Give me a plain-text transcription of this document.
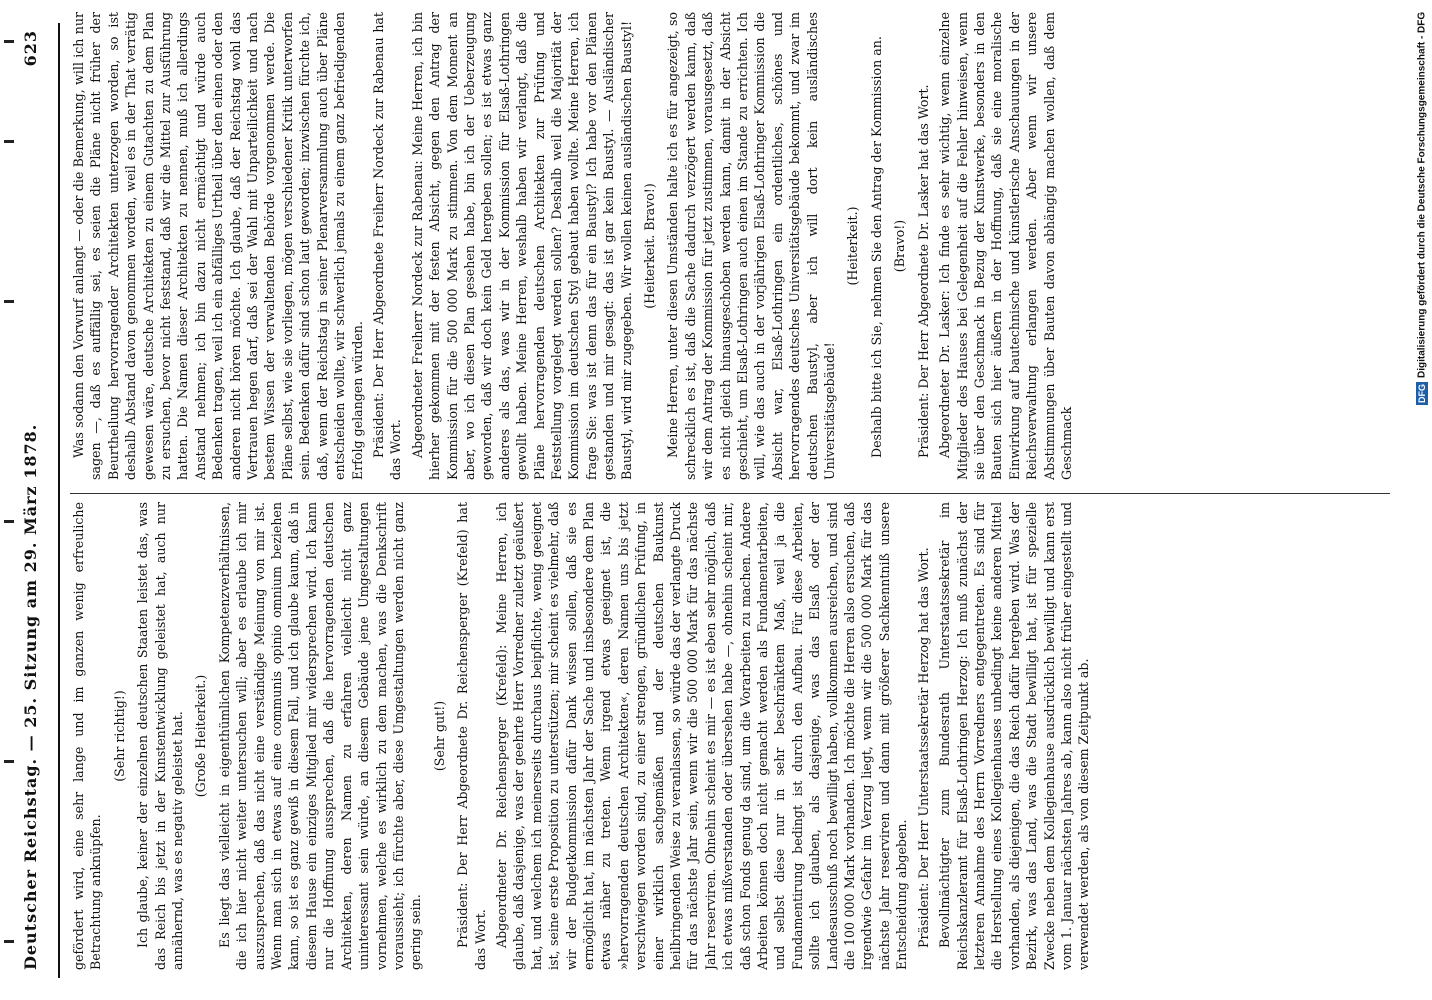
Deutscher Reichstag. — 25. Sitzung am 29. März 1878.
623

gefördert wird, eine sehr lange und im ganzen wenig erfreuliche Betrachtung anknüpfen.

(Sehr richtig!) Ich glaube, keiner der einzelnen deutschen Staaten leistet das, was das Reich bis jetzt in der Kunstentwicklung geleistet hat, auch nur annähernd, was es negativ geleistet hat. (Große Heiterkeit.) Es liegt das vielleicht in eigenthümlichen Kompetenzverhältnissen, die ich hier nicht weiter untersuchen will; aber es erlaube ich mir auszusprechen, daß das nicht eine verständige Meinung von mir ist. Wenn man sich in etwas auf eine communis opinio omnium beziehen kann, so ist es ganz gewiß in diesem Fall, und ich glaube kaum, daß in diesem Hause ein einziges Mitglied mir widersprechen wird. Ich kann nur die Hoffnung aussprechen, daß die hervorragenden deutschen Architekten, deren Namen zu erfahren vielleicht nicht ganz uninteressant sein würde, an diesem Gebäude jene Umgestaltungen vornehmen, welche es wirklich zu dem machen, was die Denkschrift voraussieht; ich fürchte aber, diese Umgestaltungen werden nicht ganz gering sein.

(Sehr gut!) Präsident: Der Herr Abgeordnete Dr. Reichensperger (Krefeld) hat das Wort. Abgeordneter Dr. Reichensperger (Krefeld): Meine Herren, ich glaube, daß dasjenige, was der geehrte Herr Vorredner zuletzt geäußert hat, und welchem ich meinerseits durchaus beipflichte, wenig geeignet ist, seine erste Proposition zu unterstützen; mir scheint es vielmehr, daß wir der Budgetkommission dafür Dank wissen sollen, daß sie es ermöglicht hat, im nächsten Jahr der Sache und insbesondere dem Plan etwas näher zu treten. Wenn irgend etwas geeignet ist, die »hervorragenden deutschen Architekten«, deren Namen uns bis jetzt verschwiegen worden sind, zu einer strengen, gründlichen Prüfung, in einer wirklich sachgemäßen und der deutschen Baukunst heilbringenden Weise zu veranlassen, so würde das der verlangte Druck für das nächste Jahr sein, wenn wir die 500 000 Mark für das nächste Jahr reserviren. Ohnehin scheint es mir — es ist eben sehr möglich, daß ich etwas mißverstanden oder übersehen habe —, ohnehin scheint mir, daß schon Fonds genug da sind, um die Vorarbeiten zu machen. Andere Arbeiten können doch nicht gemacht werden als Fundamentarbeiten, und selbst diese nur in sehr beschränktem Maß, weil ja die Fundamentirung bedingt ist durch den Aufbau. Für diese Arbeiten, sollte ich glauben, als dasjenige, was das Elsaß oder der Landesausschuß noch bewilligt haben, vollkommen ausreichen, und sind die 100 000 Mark vorhanden. Ich möchte die Herren also ersuchen, daß irgendwie Gefahr im Verzug liegt, wenn wir die 500 000 Mark für das nächste Jahr reserviren und dann mit größerer Sachkenntniß unsere Entscheidung abgeben. Präsident: Der Herr Unterstaatssekretär Herzog hat das Wort. Bevollmächtigter zum Bundesrath Unterstaatssekretär im Reichskanzleramt für Elsaß-Lothringen Herzog: Ich muß zunächst der letzteren Annahme des Herrn Vorredners entgegentreten. Es sind für die Herstellung eines Kollegienhauses unbedingt keine anderen Mittel vorhanden, als diejenigen, die das Reich dafür hergeben wird. Was der Bezirk, was das Land, was die Stadt bewilligt hat, ist für spezielle Zwecke neben dem Kollegienhause ausdrücklich bewilligt und kann erst vom 1. Januar nächsten Jahres ab, kann also nicht früher eingestellt und verwendet werden, als von diesem Zeitpunkt ab.

Was sodann den Vorwurf anlangt — oder die Bemerkung, will ich nur sagen —, daß es auffällig sei, es seien die Pläne nicht früher der Beurtheilung hervorragender Architekten unterzogen worden, so ist deshalb Abstand davon genommen worden, weil es in der That verrätig gewesen wäre, deutsche Architekten zu einem Gutachten zu dem Plan zu ersuchen, bevor nicht feststand, daß wir die Mittel zur Ausführung hatten. Die Namen dieser Architekten zu nennen, muß ich allerdings Anstand nehmen; ich bin dazu nicht ermächtigt und würde auch Bedenken tragen, weil ich ein abfälliges Urtheil über den einen oder den anderen nicht hören möchte. Ich glaube, daß der Reichstag wohl das Vertrauen hegen darf, daß sei der Wahl mit Unparteilichkeit und nach bestem Wissen der verwaltenden Behörde vorgenommen werde. Die Pläne selbst, wie sie vorliegen, mögen verschiedener Kritik unterworfen sein. Bedenken dafür sind schon laut geworden; inzwischen fürchte ich, daß, wenn der Reichstag in seiner Plenarversammlung auch über Pläne entscheiden wollte, wir schwerlich jemals zu einem ganz befriedigenden Erfolg gelangen würden. Präsident: Der Herr Abgeordnete Freiherr Nordeck zur Rabenau hat das Wort. Abgeordneter Freiherr Nordeck zur Rabenau: Meine Herren, ich bin hierher gekommen mit der festen Absicht, gegen den Antrag der Kommission für die 500 000 Mark zu stimmen. Von dem Moment an aber, wo ich diesen Plan gesehen habe, bin ich der Ueberzeugung geworden, daß wir doch kein Geld hergeben sollen; es ist etwas ganz anderes als das, was wir in der Kommission für Elsaß-Lothringen gewollt haben. Meine Herren, weshalb haben wir verlangt, daß die Pläne hervorragenden deutschen Architekten zur Prüfung und Feststellung vorgelegt werden sollen? Deshalb weil die Majorität der Kommission im deutschen Styl gebaut haben wollte. Meine Herren, ich frage Sie: was ist denn das für ein Baustyl? Ich habe vor den Plänen gestanden und mir gesagt: das ist gar kein Baustyl. — Ausländischer Baustyl, wird mir zugegeben. Wir wollen keinen ausländischen Baustyl! (Heiterkeit. Bravo!) Meine Herren, unter diesen Umständen halte ich es für angezeigt, so schrecklich es ist, daß die Sache dadurch verzögert werden kann, daß wir dem Antrag der Kommission für jetzt zustimmen, vorausgesetzt, daß es nicht gleich hinausgeschoben werden kann, damit in der Absicht geschieht, um Elsaß-Lothringen auch einen im Stande zu errichten. Ich will, wie das auch in der vorjährigen Elsaß-Lothringer Kommission die Absicht war, Elsaß-Lothringen ein ordentliches, schönes und hervorragendes deutsches Universitätsgebäude bekommt, und zwar im deutschen Baustyl, aber ich will dort kein ausländisches Universitätsgebäude!

(Heiterkeit.) Deshalb bitte ich Sie, nehmen Sie den Antrag der Kommission an. (Bravo!) Präsident: Der Herr Abgeordnete Dr. Lasker hat das Wort. Abgeordneter Dr. Lasker: Ich finde es sehr wichtig, wenn einzelne Mitglieder des Hauses bei Gelegenheit auf die Fehler hinweisen, wenn sie über den Geschmack in Bezug der Kunstwerke, besonders in den Bauten sich hier äußern in der Hoffnung, daß sie eine moralische Einwirkung auf bautechnische und künstlerische Anschauungen in der Reichsverwaltung erlangen werden. Aber wenn wir unsere Abstimmungen über Bauten davon abhängig machen wollen, daß dem Geschmack

DFG
Digitalisierung gefördert durch die Deutsche Forschungsgemeinschaft - DFG
